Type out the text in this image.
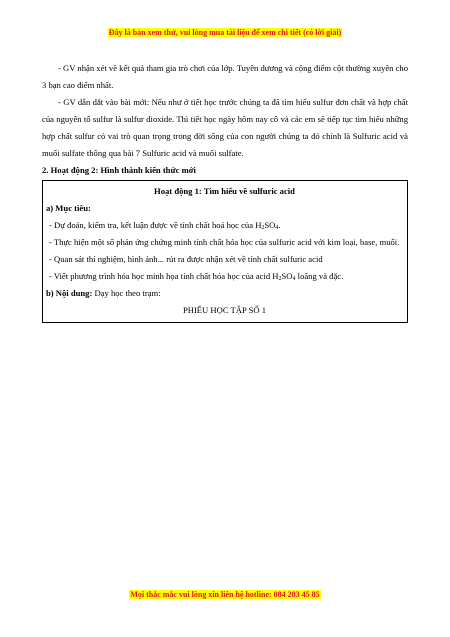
Đây là bản xem thử, vui lòng mua tài liệu để xem chi tiết (có lời giải)

- GV nhận xét về kết quả tham gia trò chơi của lớp. Tuyên dương và cộng điểm cột thường xuyên cho 3 bạn cao điểm nhất.

- GV dẫn dắt vào bài mới: Nếu như ở tiết học trước chúng ta đã tìm hiểu sulfur đơn chất và hợp chất của nguyên tố sulfur là sulfur dioxide. Thì tiết học ngày hôm nay cô và các em sẽ tiếp tục tìm hiểu những hợp chất sulfur có vai trò quan trọng trong đời sống của con người chúng ta đó chính là Sulfuric acid và muối sulfate thông qua bài 7 Sulfuric acid và muối sulfate.

2. Hoạt động 2: Hình thành kiến thức mới

Hoạt động 1: Tìm hiểu về sulfuric acid

a) Mục tiêu:

- Dự đoán, kiểm tra, kết luận được về tính chất hoá học của $H_2SO_4$.

- Thực hiện một số phản ứng chứng minh tính chất hóa học của sulfuric acid với kim loại, base, muối.

- Quan sát thí nghiệm, hình ảnh... rút ra được nhận xét về tính chất sulfuric acid

- Viết phương trình hóa học minh họa tính chất hóa học của acid $H_2SO_4$ loãng và đặc.

b) Nội dung: Dạy học theo trạm:

PHIẾU HỌC TẬP SỐ 1

Mọi thắc mắc vui lòng xin liên hệ hotline: 084 283 45 85
